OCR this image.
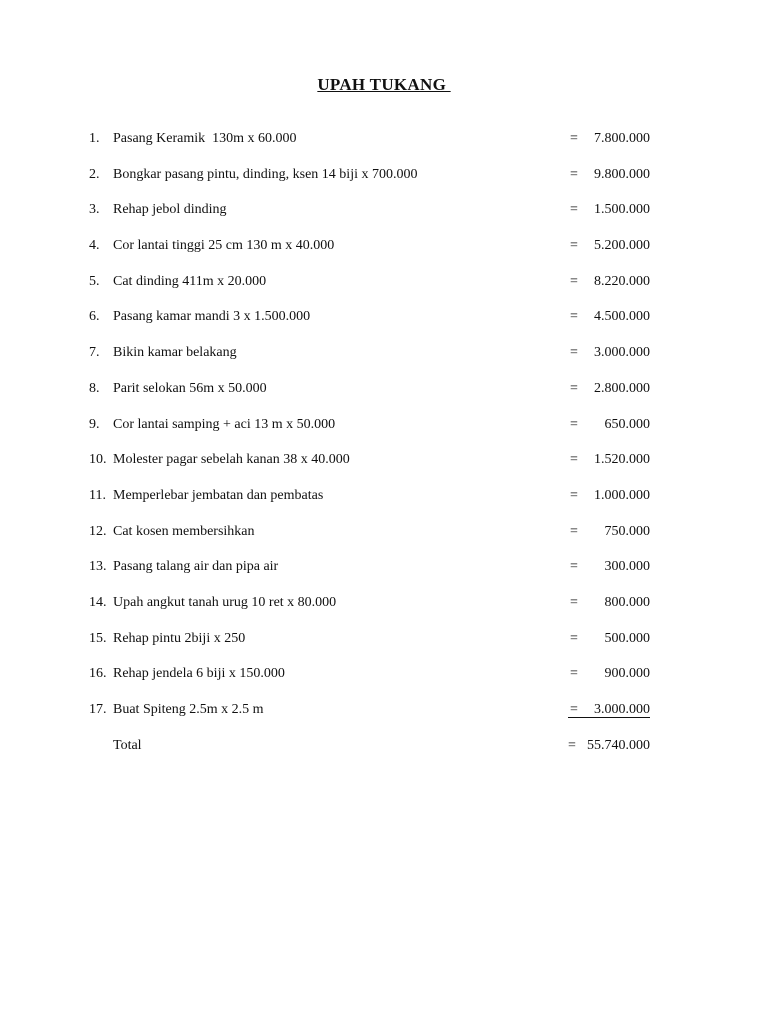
UPAH TUKANG
1. Pasang Keramik  130m x 60.000

	=

7.800.000

2. Bongkar pasang pintu, dinding, ksen 14 biji x 700.000

	=

9.800.000

3. Rehap jebol dinding

	=

1.500.000

4. Cor lantai tinggi 25 cm 130 m x 40.000

	=

5.200.000

5. Cat dinding 411m x 20.000

	=

8.220.000

6. Pasang kamar mandi 3 x 1.500.000

	=

4.500.000

7. Bikin kamar belakang

	=

3.000.000

8. Parit selokan 56m x 50.000

	=

2.800.000

9. Cor lantai samping + aci 13 m x 50.000

	=

650.000

10. Molester pagar sebelah kanan 38 x 40.000

	=

1.520.000

11. Memperlebar jembatan dan pembatas

	=

1.000.000

12. Cat kosen membersihkan

	=

750.000

13. Pasang talang air dan pipa air

	=

300.000

14. Upah angkut tanah urug 10 ret x 80.000

	=

800.000

15. Rehap pintu 2biji x 250

	=

500.000

16. Rehap jendela 6 biji x 150.000

	=

900.000

17. Buat Spiteng 2.5m x 2.5 m

	=

3.000.000

Total

	=

55.740.000
